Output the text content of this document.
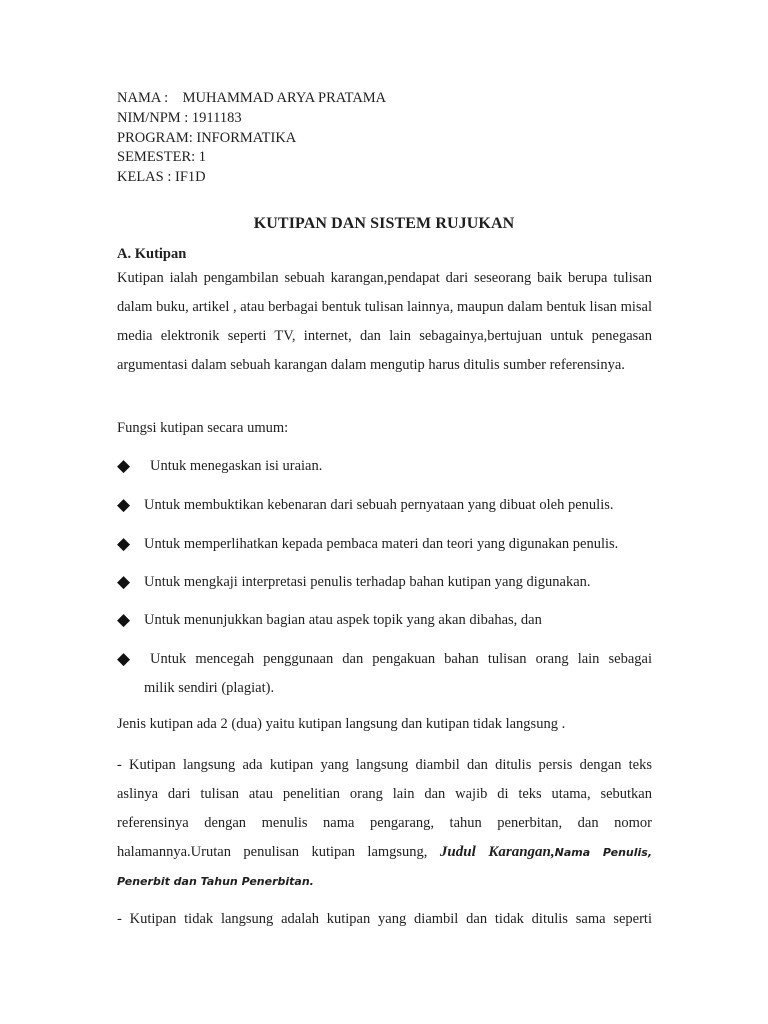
NAMA :    MUHAMMAD ARYA PRATAMA
NIM/NPM : 1911183
PROGRAM: INFORMATIKA
SEMESTER: 1
KELAS : IF1D
KUTIPAN DAN SISTEM RUJUKAN
A. Kutipan
Kutipan ialah pengambilan sebuah karangan,pendapat dari seseorang baik berupa tulisan dalam buku, artikel , atau berbagai bentuk tulisan lainnya, maupun dalam bentuk lisan misal media elektronik seperti TV, internet, dan lain sebagainya,bertujuan untuk penegasan argumentasi dalam sebuah karangan dalam mengutip harus ditulis sumber referensinya.
Fungsi kutipan secara umum:
◆ Untuk menegaskan isi uraian.
◆ Untuk membuktikan kebenaran dari sebuah pernyataan yang dibuat oleh penulis.
◆ Untuk memperlihatkan kepada pembaca materi dan teori yang digunakan penulis.
◆ Untuk mengkaji interpretasi penulis terhadap bahan kutipan yang digunakan.
◆ Untuk menunjukkan bagian atau aspek topik yang akan dibahas, dan
◆ Untuk mencegah penggunaan dan pengakuan bahan tulisan orang lain sebagai
milik sendiri (plagiat).
Jenis kutipan ada 2 (dua) yaitu kutipan langsung dan kutipan tidak langsung .
- Kutipan langsung ada kutipan yang langsung diambil dan ditulis persis dengan teks aslinya dari tulisan atau penelitian orang lain dan wajib di teks utama, sebutkan referensinya dengan menulis nama pengarang, tahun penerbitan, dan nomor halamannya.Urutan penulisan kutipan lamgsung, Judul Karangan,Nama Penulis, Penerbit dan Tahun Penerbitan.
- Kutipan tidak langsung adalah kutipan yang diambil dan tidak ditulis sama seperti
